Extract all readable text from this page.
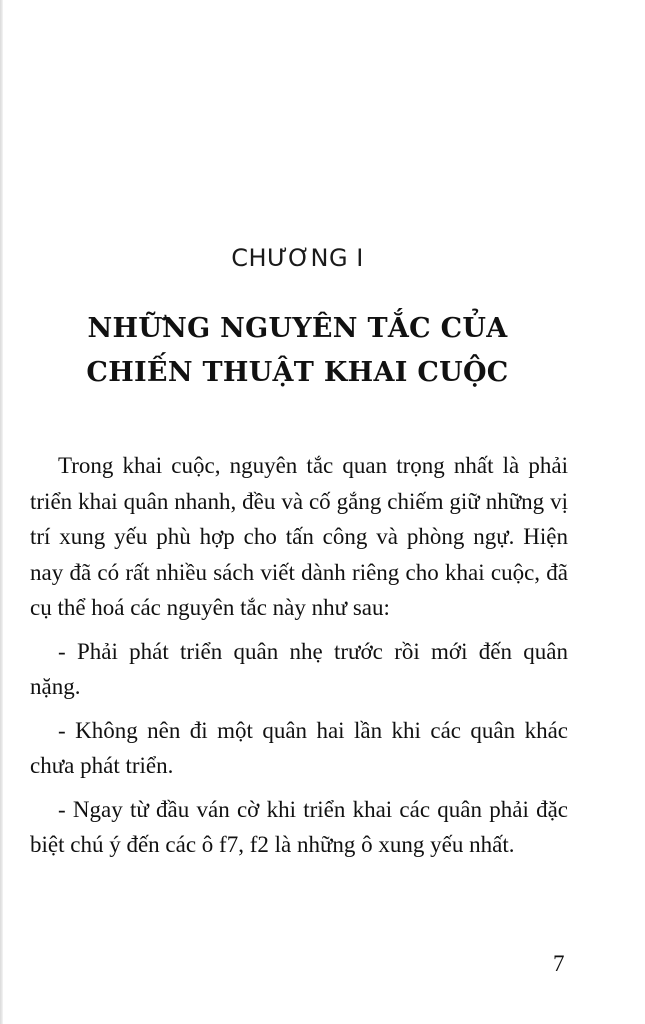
CHƯƠNG I
NHỮNG NGUYÊN TẮC CỦA
CHIẾN THUẬT KHAI CUỘC

Trong khai cuộc, nguyên tắc quan trọng nhất là phải triển khai quân nhanh, đều và cố gắng chiếm giữ những vị trí xung yếu phù hợp cho tấn công và phòng ngự. Hiện nay đã có rất nhiều sách viết dành riêng cho khai cuộc, đã cụ thể hoá các nguyên tắc này như sau:

- Phải phát triển quân nhẹ trước rồi mới đến quân nặng.

- Không nên đi một quân hai lần khi các quân khác chưa phát triển.

- Ngay từ đầu ván cờ khi triển khai các quân phải đặc biệt chú ý đến các ô f7, f2 là những ô xung yếu nhất.

7
